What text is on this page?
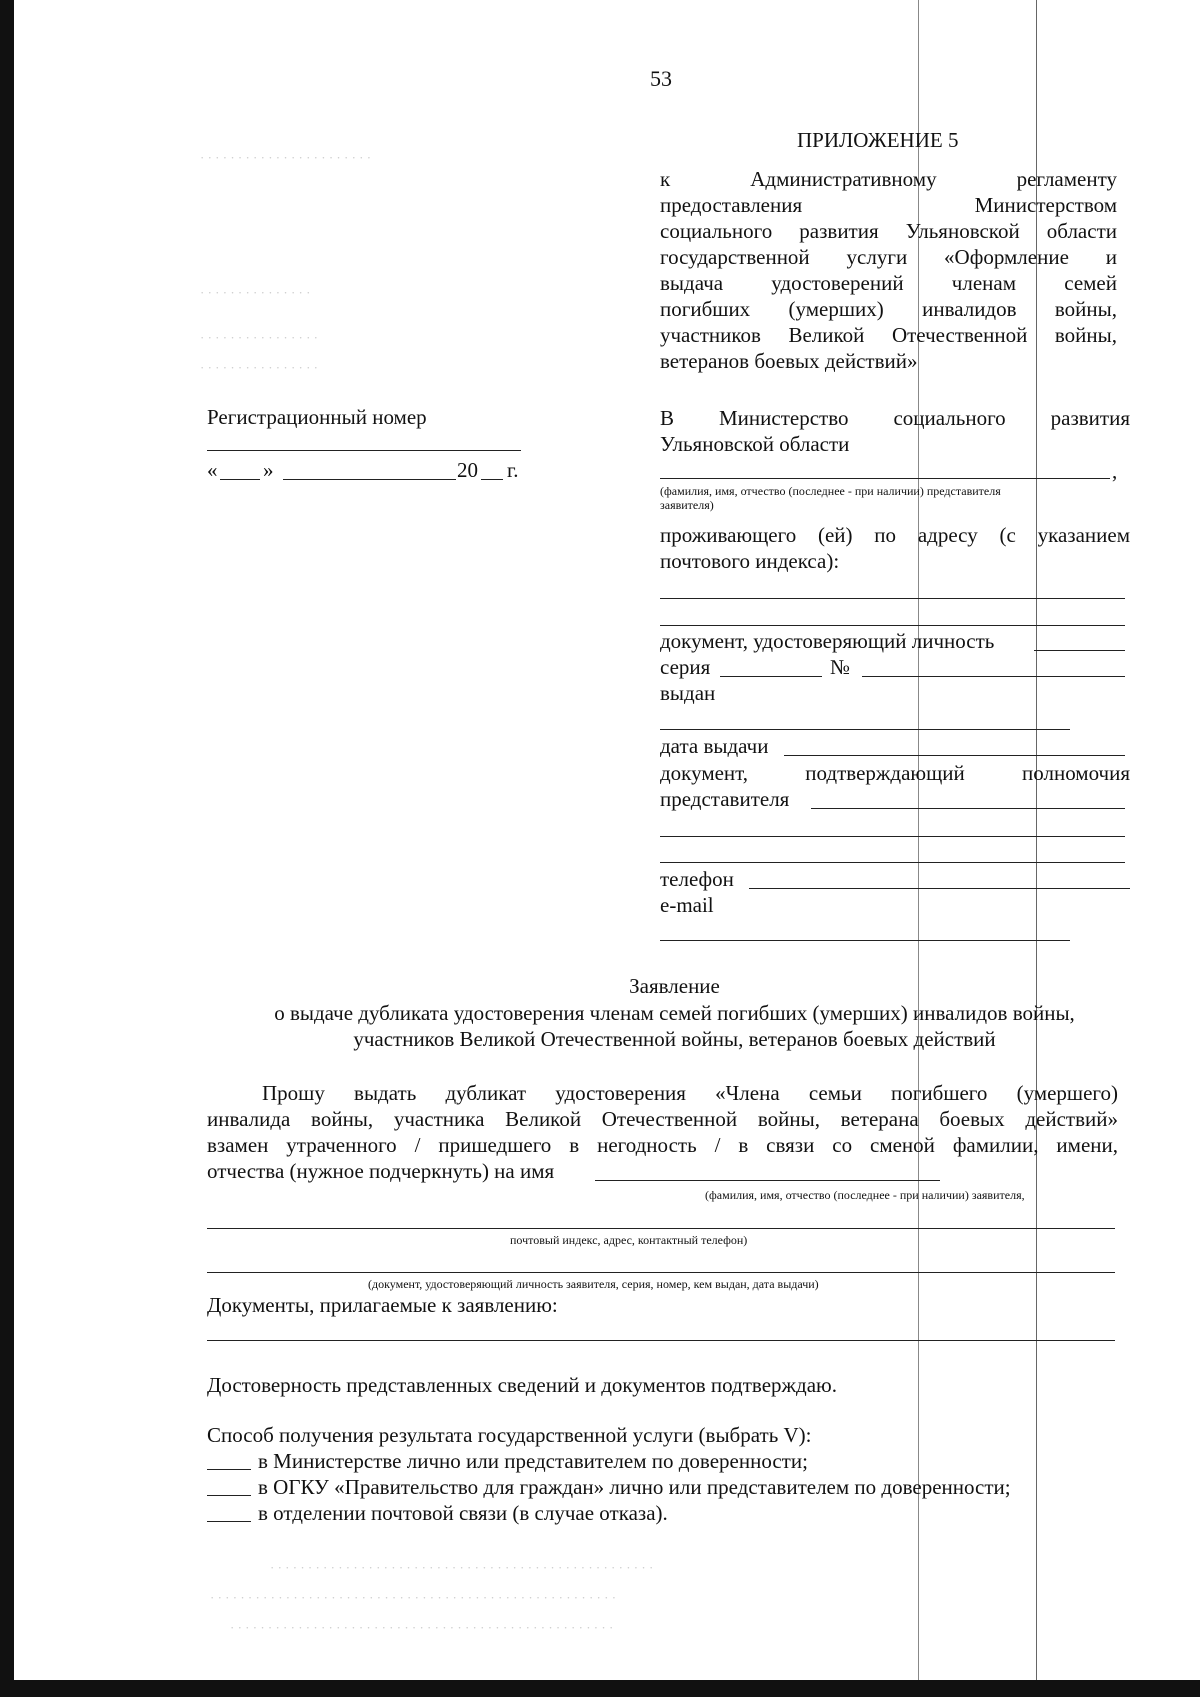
· · · · · · · · · · · · · · · · · · · · · · ·
· · · · · · · · · · · · · · ·
· · · · · · · · · · · · · · · ·
· · · · · · · · · · · · · · · ·
· · · · · · · · · · · · · · · · · · · · · · · · · · · · · · · · · · · · · · · · · · · · · · · · · · ·
· · · · · · · · · · · · · · · · · · · · · · · · · · · · · · · · · · · · · · · · · · · · · · · · · · · · · ·
· · · · · · · · · · · · · · · · · · · · · · · · · · · · · · · · · · · · · · · · · · · · · · · · · · ·
53
ПРИЛОЖЕНИЕ 5
к Административному регламенту
предоставления Министерством
социального развития Ульяновской области
государственной услуги «Оформление и
выдача удостоверений членам семей
погибших (умерших) инвалидов войны,
участников Великой Отечественной войны,
ветеранов боевых действий»
Регистрационный номер
« »	20 г.
В Министерство социального развития
Ульяновской области
,
(фамилия, имя, отчество (последнее - при наличии) представителя
заявителя)
проживающего (ей) по адресу (с указанием
почтового индекса):
документ, удостоверяющий личность
серия	№
выдан
дата выдачи
документ, подтверждающий полномочия
представителя
телефон
e-mail
Заявление
о выдаче дубликата удостоверения членам семей погибших (умерших) инвалидов войны,
участников Великой Отечественной войны, ветеранов боевых действий
Прошу выдать дубликат удостоверения «Члена семьи погибшего (умершего)
инвалида войны, участника Великой Отечественной войны, ветерана боевых действий»
взамен утраченного / пришедшего в негодность / в связи со сменой фамилии, имени,
отчества (нужное подчеркнуть) на имя
(фамилия, имя, отчество (последнее - при наличии) заявителя,
почтовый индекс, адрес, контактный телефон)
(документ, удостоверяющий личность заявителя, серия, номер, кем выдан, дата выдачи)
Документы, прилагаемые к заявлению:
Достоверность представленных сведений и документов подтверждаю.
Способ получения результата государственной услуги (выбрать V):
в Министерстве лично или представителем по доверенности;
в ОГКУ «Правительство для граждан» лично или представителем по доверенности;
в отделении почтовой связи (в случае отказа).
